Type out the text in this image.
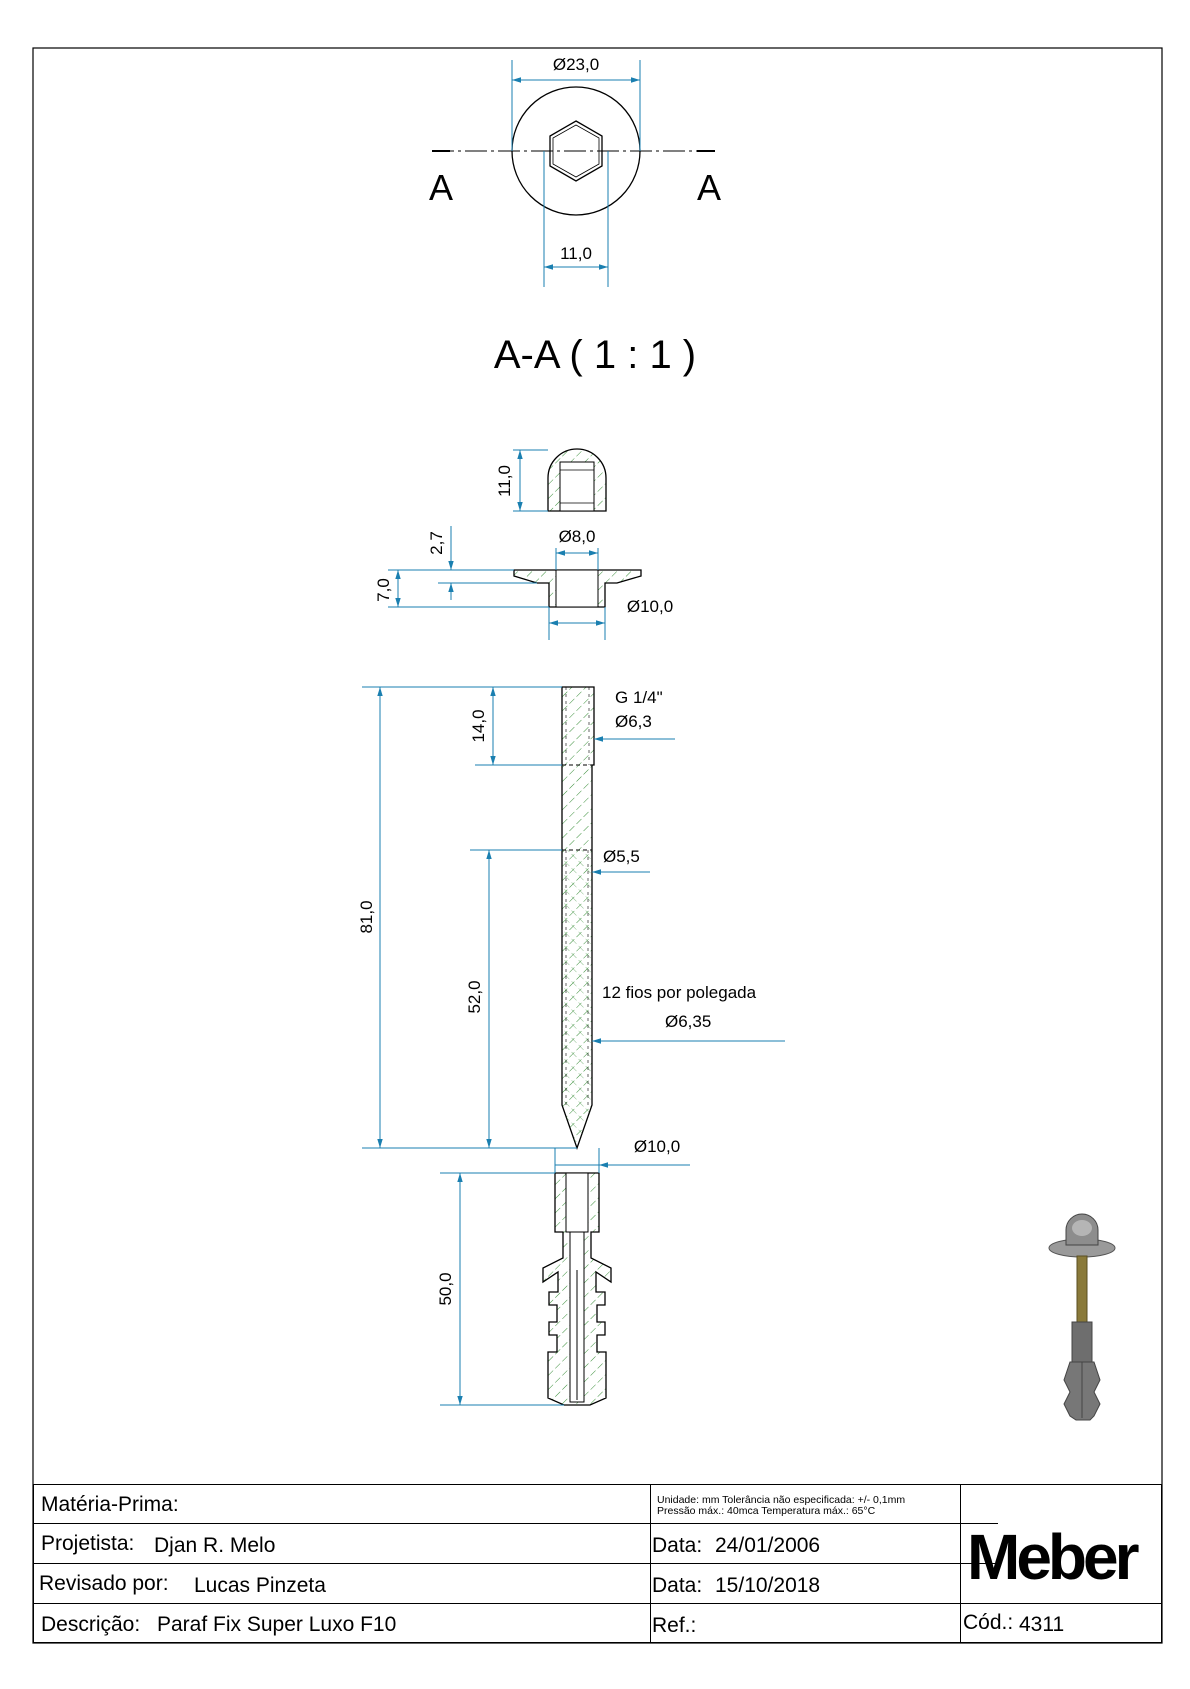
Ø23,0
11,0
A	A
A-A ( 1 : 1 )
11,0
Ø8,0
2,7
7,0
Ø10,0
G 1/4"
Ø6,3
Ø5,5
12 fios por polegada
Ø6,35
14,0
81,0
52,0
Ø10,0
50,0
Matéria-Prima:	Unidade: mm Tolerância não especificada: +/- 0,1mm
Pressão máx.: 40mca Temperatura máx.: 65°C
Projetista: Djan R. Melo	Data: 24/01/2006
Revisado por: Lucas Pinzeta	Data: 15/10/2018
Descrição: Paraf Fix Super Luxo F10	Ref.:	Cód.: 4311
Meber
